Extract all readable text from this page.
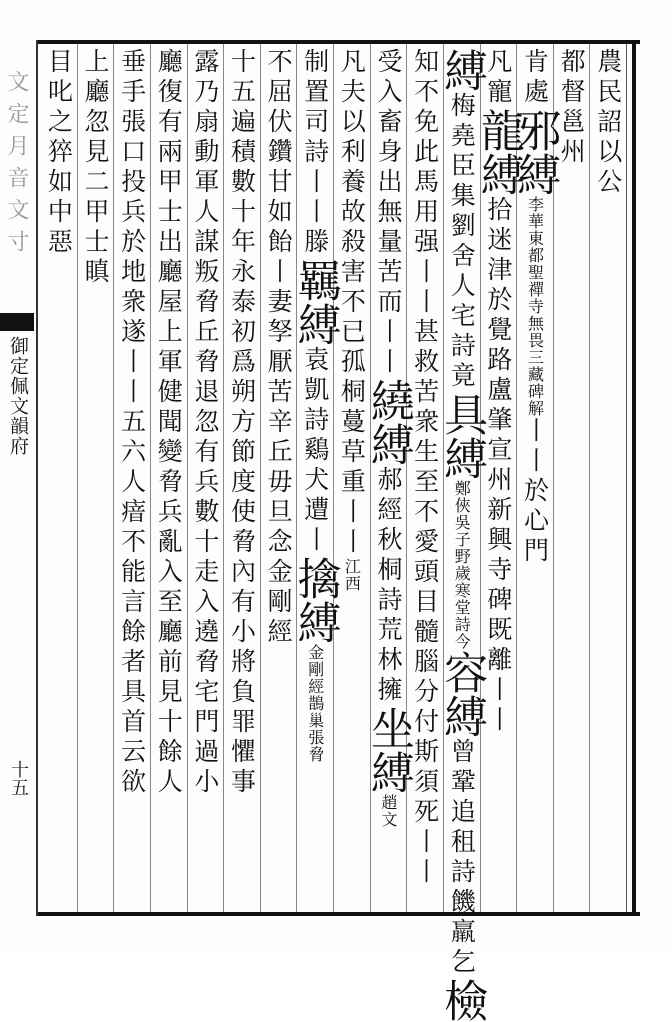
文定月音文寸
御定佩文韻府
十五
農民詔以公
都督邕州
肯處邪縛李華東都聖禪寺無畏三藏碑解丨丨於心門
凡寵龍縛拾迷津於覺路盧肇宣州新興寺碑既離丨丨
縛梅堯臣集劉舍人宅詩竟具縛鄭俠吳子野歲寒堂詩今容縛曾鞏追租詩饑羸乞檢
知不免此馬用强丨丨甚救苦衆生至不愛頭目髓腦分付斯須死丨丨
受入畜身出無量苦而丨丨繞縛郝經秋桐詩荒林擁坐縛趙文
凡夫以利養故殺害不已孤桐蔓草重丨丨江西
制置司詩丨丨滕羈縛袁凱詩鷄犬遭丨擒縛金剛經鵲巢張脅
不屈伏鑽甘如飴丨妻孥厭苦辛丘毋旦念金剛經
十五遍積數十年永泰初爲朔方節度使脅內有小將負罪懼事
露乃扇動軍人謀叛脅丘脅退忽有兵數十走入遶脅宅門過小
廳復有兩甲士出廳屋上軍健聞變脅兵亂入至廳前見十餘人
垂手張口投兵於地衆遂丨丨五六人瘖不能言餘者具首云欲
上廳忽見二甲士瞋
目叱之猝如中惡
